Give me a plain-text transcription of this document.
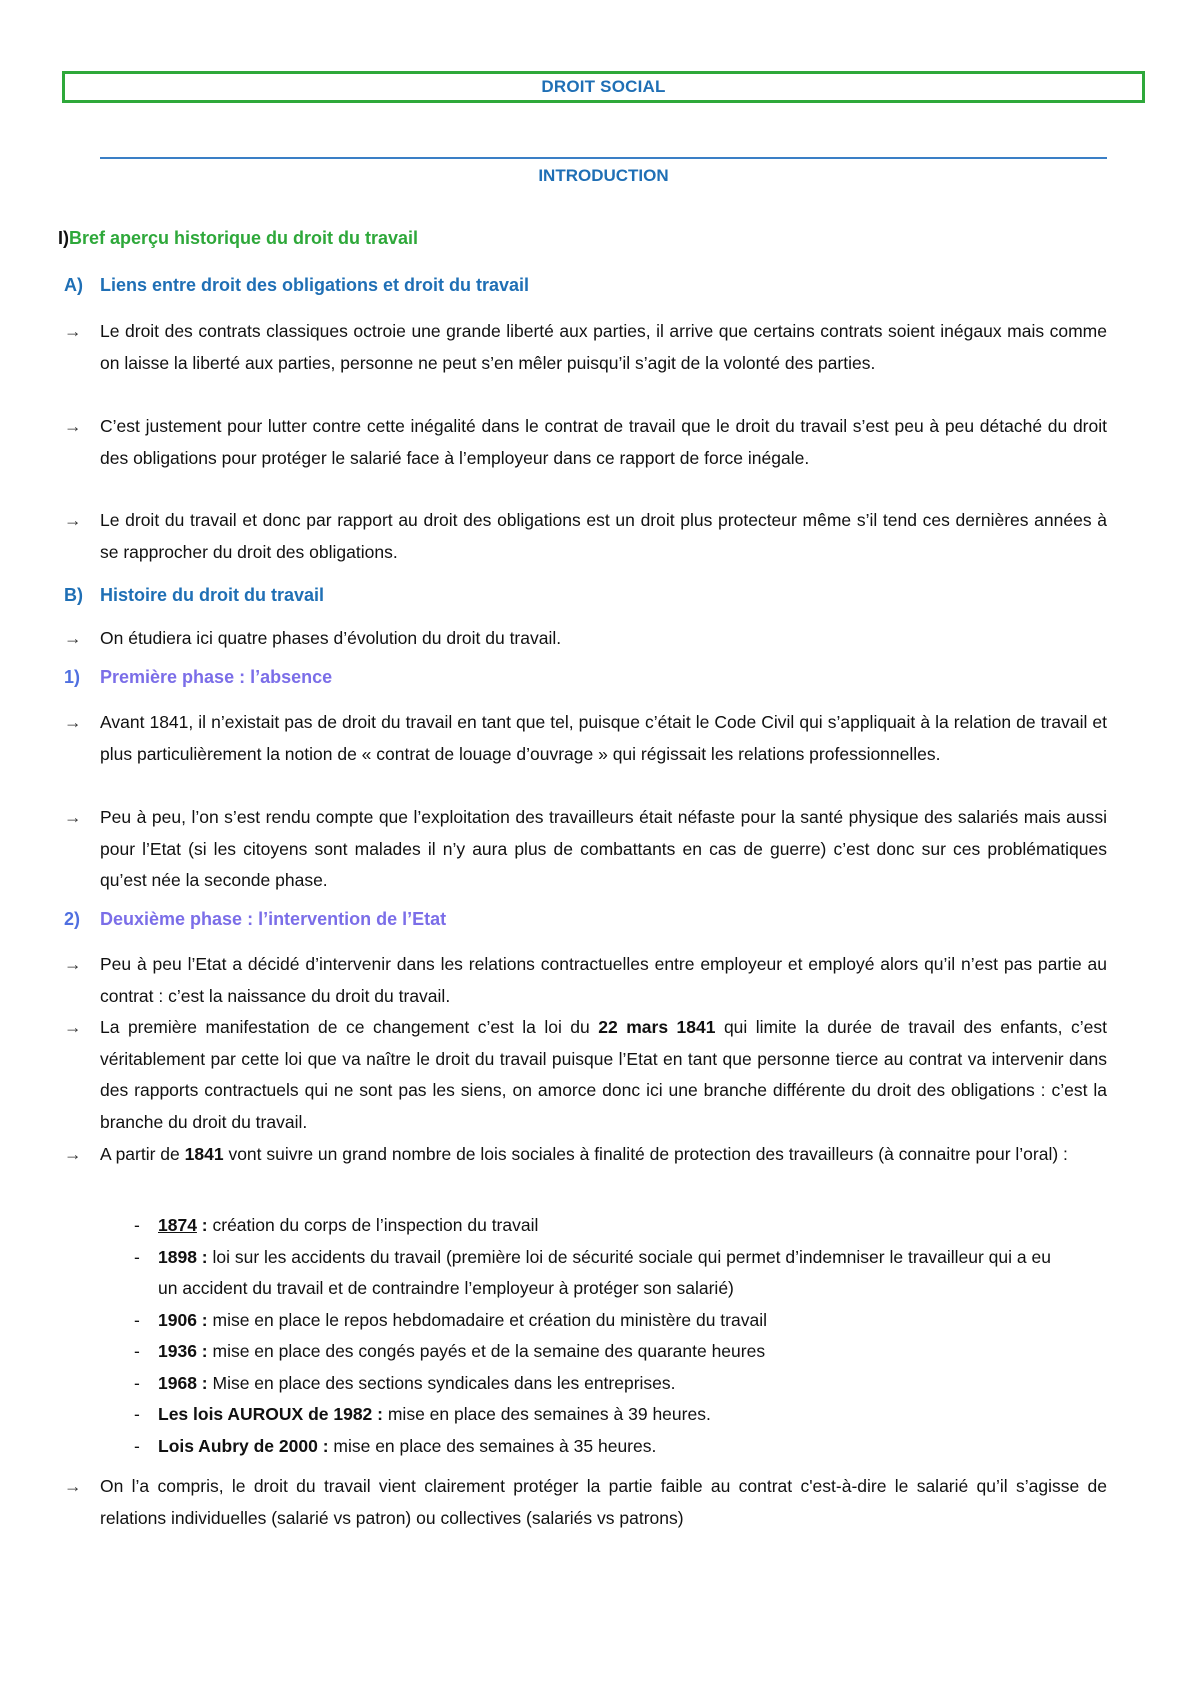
DROIT SOCIAL
INTRODUCTION
I)Bref aperçu historique du droit du travail
A) Liens entre droit des obligations et droit du travail
→	Le droit des contrats classiques octroie une grande liberté aux parties, il arrive que certains contrats soient inégaux mais comme on laisse la liberté aux parties, personne ne peut s’en mêler puisqu’il s’agit de la volonté des parties.
→	C’est justement pour lutter contre cette inégalité dans le contrat de travail que le droit du travail s’est peu à peu détaché du droit des obligations pour protéger le salarié face à l’employeur dans ce rapport de force inégale.
→	Le droit du travail et donc par rapport au droit des obligations est un droit plus protecteur même s’il tend ces dernières années à se rapprocher du droit des obligations.
B) Histoire du droit du travail
→	On étudiera ici quatre phases d’évolution du droit du travail.
1)	Première phase : l’absence
→	Avant 1841, il n’existait pas de droit du travail en tant que tel, puisque c’était le Code Civil qui s’appliquait à la relation de travail et plus particulièrement la notion de « contrat de louage d’ouvrage » qui régissait les relations professionnelles.
→	Peu à peu, l’on s’est rendu compte que l’exploitation des travailleurs était néfaste pour la santé physique des salariés mais aussi pour l’Etat (si les citoyens sont malades il n’y aura plus de combattants en cas de guerre) c’est donc sur ces problématiques qu’est née la seconde phase.
2)	Deuxième phase : l’intervention de l’Etat
→	Peu à peu l’Etat a décidé d’intervenir dans les relations contractuelles entre employeur et employé alors qu’il n’est pas partie au contrat : c’est la naissance du droit du travail.
→	La première manifestation de ce changement c’est la loi du 22 mars 1841 qui limite la durée de travail des enfants, c’est véritablement par cette loi que va naître le droit du travail puisque l’Etat en tant que personne tierce au contrat va intervenir dans des rapports contractuels qui ne sont pas les siens, on amorce donc ici une branche différente du droit des obligations : c’est la branche du droit du travail.
→	A partir de 1841 vont suivre un grand nombre de lois sociales à finalité de protection des travailleurs (à connaitre pour l’oral) :
- 1874 : création du corps de l’inspection du travail
- 1898 : loi sur les accidents du travail (première loi de sécurité sociale qui permet d’indemniser le travailleur qui a eu un accident du travail et de contraindre l’employeur à protéger son salarié)
- 1906 : mise en place le repos hebdomadaire et création du ministère du travail
- 1936 : mise en place des congés payés et de la semaine des quarante heures
- 1968 : Mise en place des sections syndicales dans les entreprises.
- Les lois AUROUX de 1982 : mise en place des semaines à 39 heures.
- Lois Aubry de 2000 : mise en place des semaines à 35 heures.
→	On l’a compris, le droit du travail vient clairement protéger la partie faible au contrat c'est-à-dire le salarié qu’il s’agisse de relations individuelles (salarié vs patron) ou collectives (salariés vs patrons)
